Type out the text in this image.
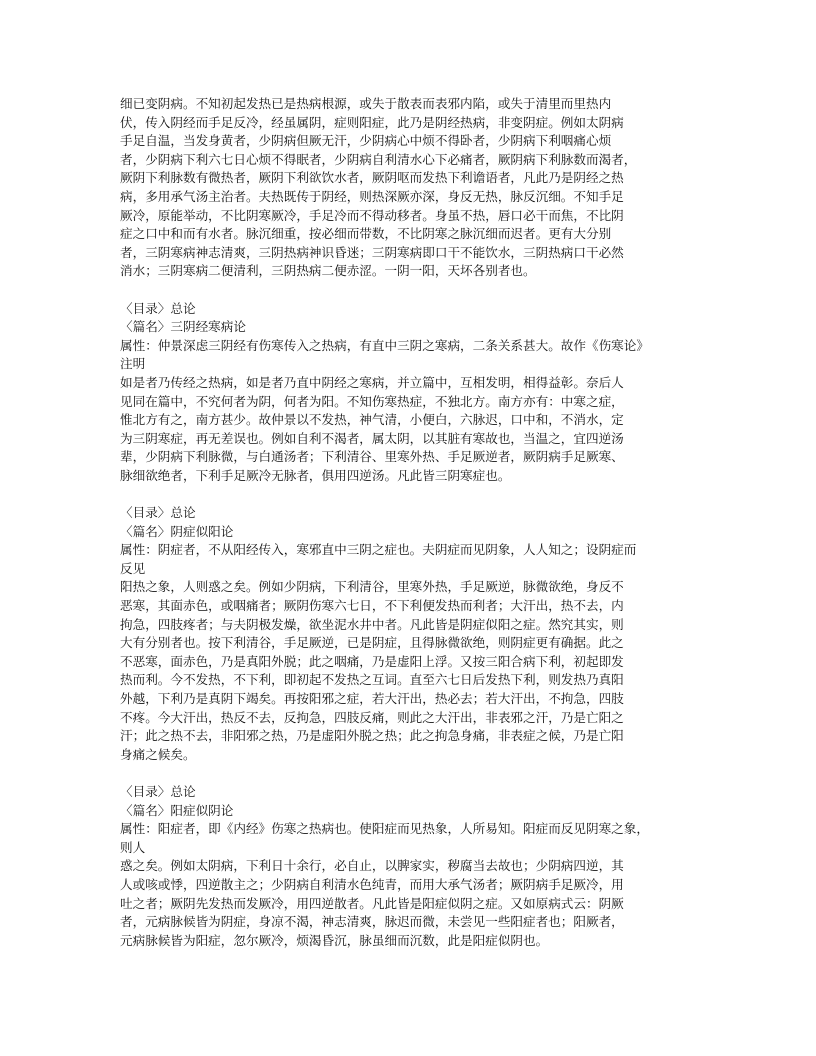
细已变阴病。不知初起发热已是热病根源，或失于散表而表邪内陷，或失于清里而里热内
伏，传入阴经而手足反冷，经虽属阴，症则阳症，此乃是阴经热病，非变阴症。例如太阴病
手足自温，当发身黄者，少阴病但厥无汗，少阴病心中烦不得卧者，少阴病下利咽痛心烦
者，少阴病下利六七日心烦不得眠者，少阴病自利清水心下必痛者，厥阴病下利脉数而渴者，
厥阴下利脉数有微热者，厥阴下利欲饮水者，厥阴呕而发热下利谵语者，凡此乃是阴经之热
病，多用承气汤主治者。夫热既传于阴经，则热深厥亦深，身反无热，脉反沉细。不知手足
厥冷，原能举动，不比阴寒厥冷，手足冷而不得动移者。身虽不热，唇口必干而焦，不比阴
症之口中和而有水者。脉沉细重，按必细而带数，不比阴寒之脉沉细而迟者。更有大分别
者，三阴寒病神志清爽，三阴热病神识昏迷；三阴寒病即口干不能饮水，三阴热病口干必然
消水；三阴寒病二便清利，三阴热病二便赤涩。一阴一阳，天坏各别者也。
〈目录〉总论
〈篇名〉三阴经寒病论
属性：仲景深虑三阴经有伤寒传入之热病，有直中三阴之寒病，二条关系甚大。故作《伤寒论》
注明
如是者乃传经之热病，如是者乃直中阴经之寒病，并立篇中，互相发明，相得益彰。奈后人
见同在篇中，不究何者为阴，何者为阳。不知伤寒热症，不独北方。南方亦有：中寒之症，
惟北方有之，南方甚少。故仲景以不发热，神气清，小便白，六脉迟，口中和，不消水，定
为三阴寒症，再无差误也。例如自利不渴者，属太阴，以其脏有寒故也，当温之，宜四逆汤
辈，少阴病下利脉微，与白通汤者；下利清谷、里寒外热、手足厥逆者，厥阴病手足厥寒、
脉细欲绝者，下利手足厥冷无脉者，俱用四逆汤。凡此皆三阴寒症也。
〈目录〉总论
〈篇名〉阴症似阳论
属性：阴症者，不从阳经传入，寒邪直中三阴之症也。夫阴症而见阴象，人人知之；设阴症而
反见
阳热之象，人则惑之矣。例如少阴病，下利清谷，里寒外热，手足厥逆，脉微欲绝，身反不
恶寒，其面赤色，或咽痛者；厥阴伤寒六七日，不下利便发热而利者；大汗出，热不去，内
拘急，四肢疼者；与夫阴极发燥，欲坐泥水井中者。凡此皆是阴症似阳之症。然究其实，则
大有分别者也。按下利清谷，手足厥逆，已是阴症，且得脉微欲绝，则阴症更有确据。此之
不恶寒，面赤色，乃是真阳外脱；此之咽痛，乃是虚阳上浮。又按三阳合病下利，初起即发
热而利。今不发热，不下利，即初起不发热之互词。直至六七日后发热下利，则发热乃真阳
外越，下利乃是真阴下竭矣。再按阳邪之症，若大汗出，热必去；若大汗出，不拘急，四肢
不疼。今大汗出，热反不去，反拘急，四肢反痛，则此之大汗出，非表邪之汗，乃是亡阳之
汗；此之热不去，非阳邪之热，乃是虚阳外脱之热；此之拘急身痛，非表症之候，乃是亡阳
身痛之候矣。
〈目录〉总论
〈篇名〉阳症似阴论
属性：阳症者，即《内经》伤寒之热病也。使阳症而见热象，人所易知。阳症而反见阴寒之象，
则人
惑之矣。例如太阴病，下利日十余行，必自止，以脾家实，秽腐当去故也；少阴病四逆，其
人或咳或悸，四逆散主之；少阴病自利清水色纯青，而用大承气汤者；厥阴病手足厥冷，用
吐之者；厥阴先发热而发厥冷，用四逆散者。凡此皆是阳症似阴之症。又如原病式云：阴厥
者，元病脉候皆为阴症，身凉不渴，神志清爽，脉迟而微，未尝见一些阳症者也；阳厥者，
元病脉候皆为阳症，忽尔厥冷，烦渴昏沉，脉虽细而沉数，此是阳症似阴也。
